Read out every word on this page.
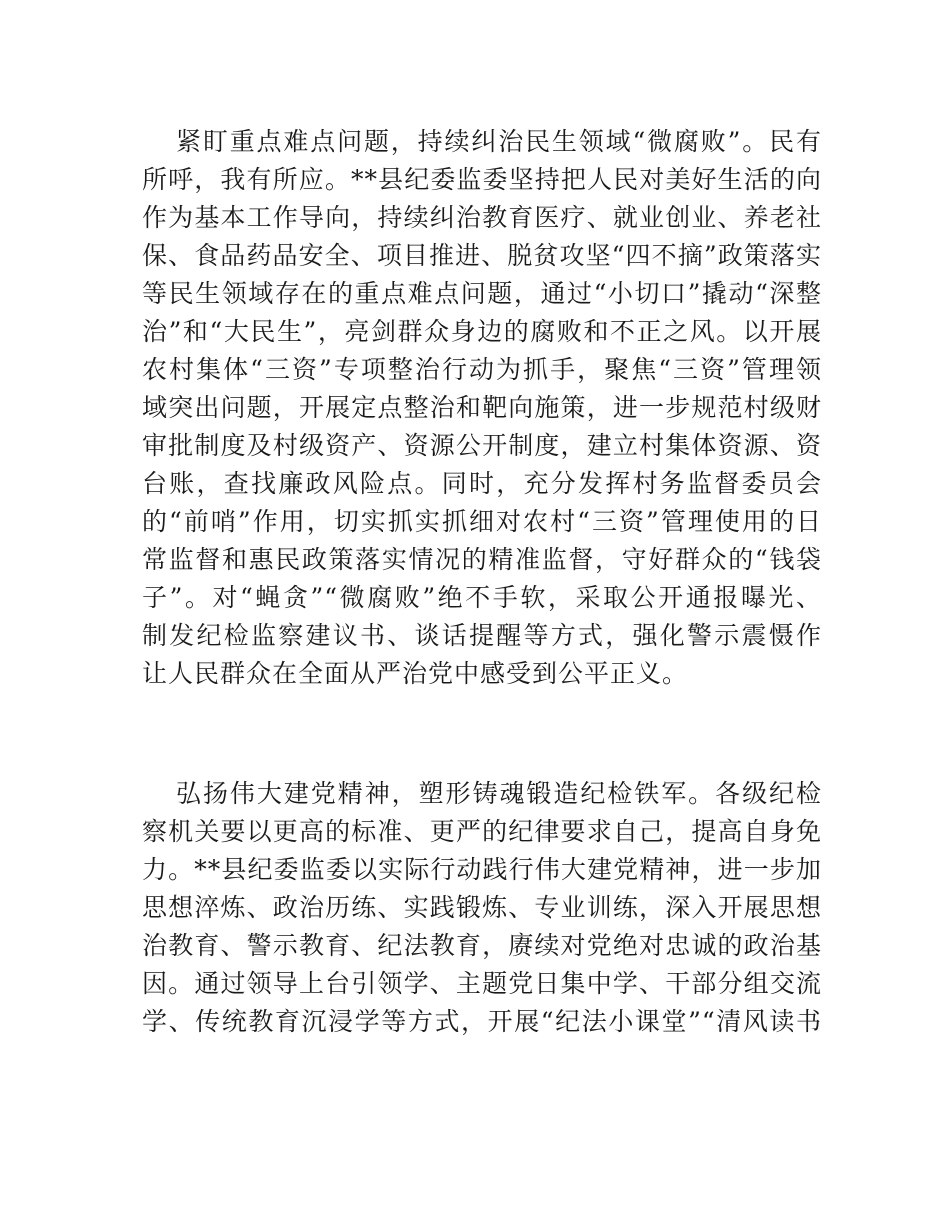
紧盯重点难点问题，持续纠治民生领域“微腐败”。民有
所呼，我有所应。**县纪委监委坚持把人民对美好生活的向
作为基本工作导向，持续纠治教育医疗、就业创业、养老社
保、食品药品安全、项目推进、脱贫攻坚“四不摘”政策落实
等民生领域存在的重点难点问题，通过“小切口”撬动“深整
治”和“大民生”，亮剑群众身边的腐败和不正之风。以开展
农村集体“三资”专项整治行动为抓手，聚焦“三资”管理领
域突出问题，开展定点整治和靶向施策，进一步规范村级财
审批制度及村级资产、资源公开制度，建立村集体资源、资
台账，查找廉政风险点。同时，充分发挥村务监督委员会
的“前哨”作用，切实抓实抓细对农村“三资”管理使用的日
常监督和惠民政策落实情况的精准监督，守好群众的“钱袋
子”。对“蝇贪”“微腐败”绝不手软，采取公开通报曝光、
制发纪检监察建议书、谈话提醒等方式，强化警示震慑作
让人民群众在全面从严治党中感受到公平正义。
弘扬伟大建党精神，塑形铸魂锻造纪检铁军。各级纪检
察机关要以更高的标准、更严的纪律要求自己，提高自身免
力。**县纪委监委以实际行动践行伟大建党精神，进一步加
思想淬炼、政治历练、实践锻炼、专业训练，深入开展思想
治教育、警示教育、纪法教育，赓续对党绝对忠诚的政治基
因。通过领导上台引领学、主题党日集中学、干部分组交流
学、传统教育沉浸学等方式，开展“纪法小课堂”“清风读书
